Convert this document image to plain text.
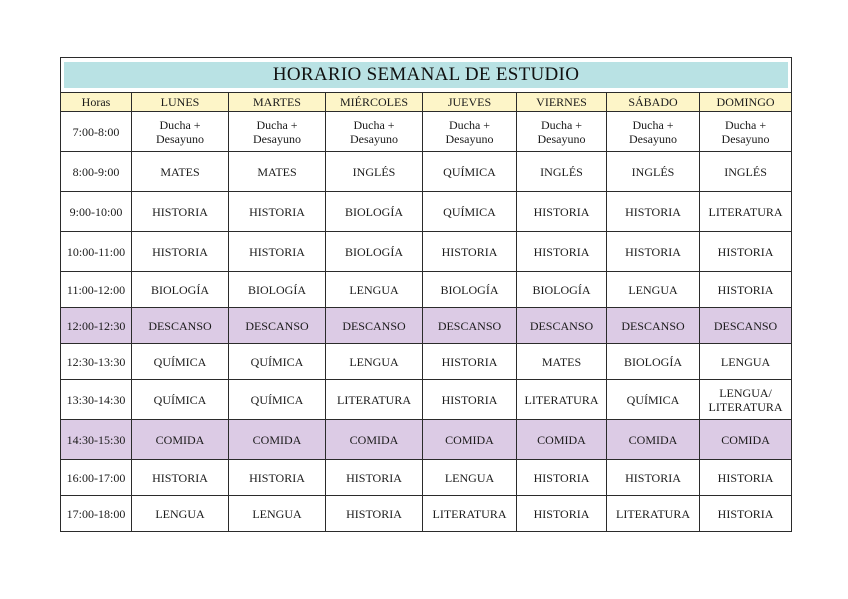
HORARIO SEMANAL DE ESTUDIO							

Horas	LUNES	MARTES	MIÉRCOLES	JUEVES	VIERNES	SÁBADO	DOMINGO
7:00-8:00	Ducha + Desayuno	Ducha + Desayuno	Ducha + Desayuno	Ducha + Desayuno	Ducha + Desayuno	Ducha + Desayuno	Ducha + Desayuno
8:00-9:00	MATES	MATES	INGLÉS	QUÍMICA	INGLÉS	INGLÉS	INGLÉS
9:00-10:00	HISTORIA	HISTORIA	BIOLOGÍA	QUÍMICA	HISTORIA	HISTORIA	LITERATURA
10:00-11:00	HISTORIA	HISTORIA	BIOLOGÍA	HISTORIA	HISTORIA	HISTORIA	HISTORIA
11:00-12:00	BIOLOGÍA	BIOLOGÍA	LENGUA	BIOLOGÍA	BIOLOGÍA	LENGUA	HISTORIA
12:00-12:30	DESCANSO	DESCANSO	DESCANSO	DESCANSO	DESCANSO	DESCANSO	DESCANSO
12:30-13:30	QUÍMICA	QUÍMICA	LENGUA	HISTORIA	MATES	BIOLOGÍA	LENGUA
13:30-14:30	QUÍMICA	QUÍMICA	LITERATURA	HISTORIA	LITERATURA	QUÍMICA	LENGUA/ LITERATURA
14:30-15:30	COMIDA	COMIDA	COMIDA	COMIDA	COMIDA	COMIDA	COMIDA
16:00-17:00	HISTORIA	HISTORIA	HISTORIA	LENGUA	HISTORIA	HISTORIA	HISTORIA
17:00-18:00	LENGUA	LENGUA	HISTORIA	LITERATURA	HISTORIA	LITERATURA	HISTORIA
